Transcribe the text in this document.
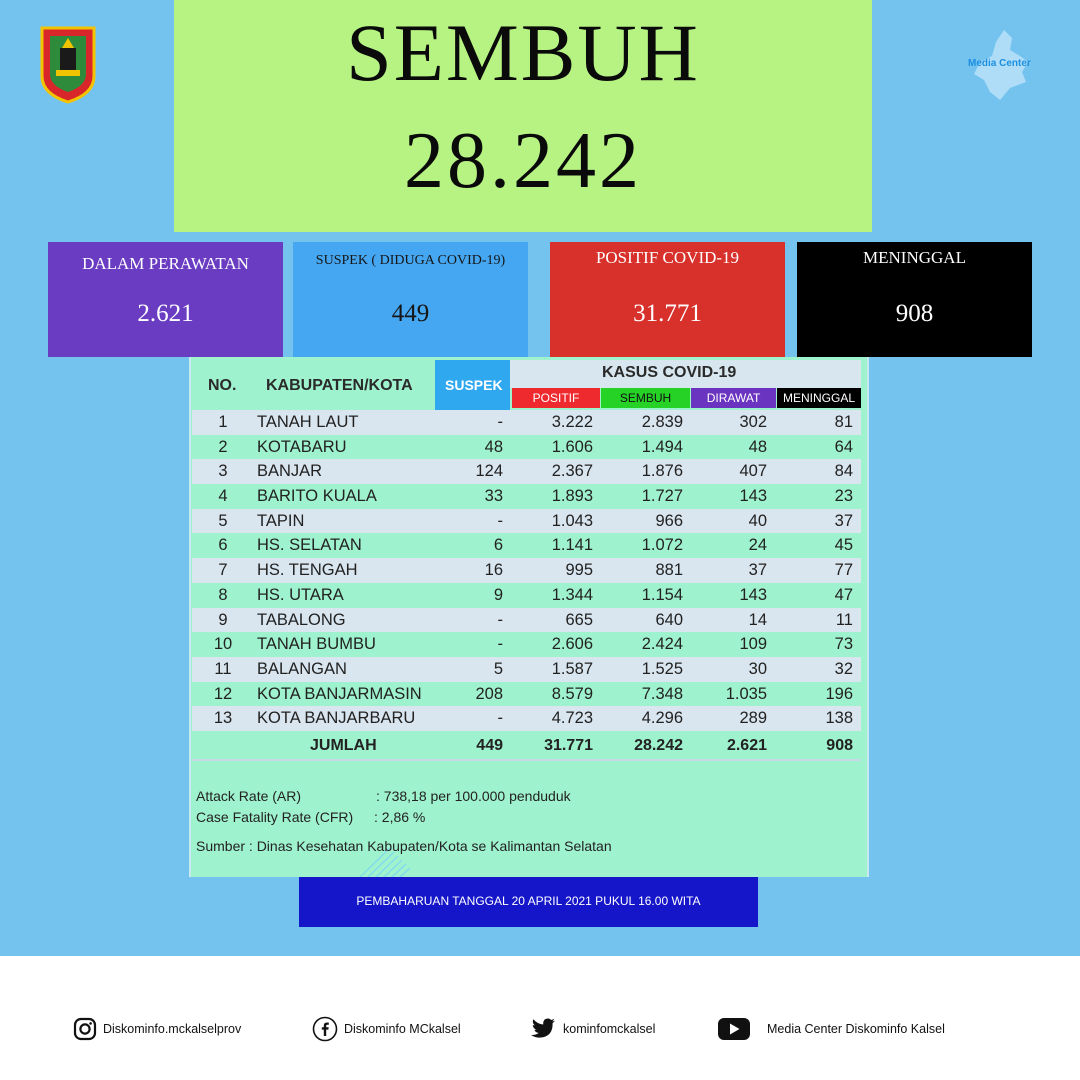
Media Center
SEMBUH
28.242
DALAM PERAWATAN
2.621
SUSPEK ( DIDUGA COVID-19)
449
POSITIF COVID-19
31.771
MENINGGAL
908
NO. KABUPATEN/KOTA SUSPEK
KASUS COVID-19
POSITIF	SEMBUH	DIRAWAT	MENINGGAL
1	TANAH LAUT	-	3.222	2.839	302	81
2	KOTABARU	48	1.606	1.494	48	64
3	BANJAR	124	2.367	1.876	407	84
4	BARITO KUALA	33	1.893	1.727	143	23
5	TAPIN	-	1.043	966	40	37
6	HS. SELATAN	6	1.141	1.072	24	45
7	HS. TENGAH	16	995	881	37	77
8	HS. UTARA	9	1.344	1.154	143	47
9	TABALONG	-	665	640	14	11
10	TANAH BUMBU	-	2.606	2.424	109	73
11	BALANGAN	5	1.587	1.525	30	32
12	KOTA BANJARMASIN	208	8.579	7.348	1.035	196
13	KOTA BANJARBARU	-	4.723	4.296	289	138
JUMLAH	449	31.771	28.242	2.621	908
Attack Rate (AR)	: 738,18 per 100.000 penduduk
Case Fatality Rate (CFR) : 2,86 %
Sumber : Dinas Kesehatan Kabupaten/Kota se Kalimantan Selatan
PEMBAHARUAN TANGGAL 20 APRIL 2021 PUKUL 16.00 WITA
Diskominfo.mckalselprov	Diskominfo MCkalsel	kominfomckalsel	Media Center Diskominfo Kalsel
